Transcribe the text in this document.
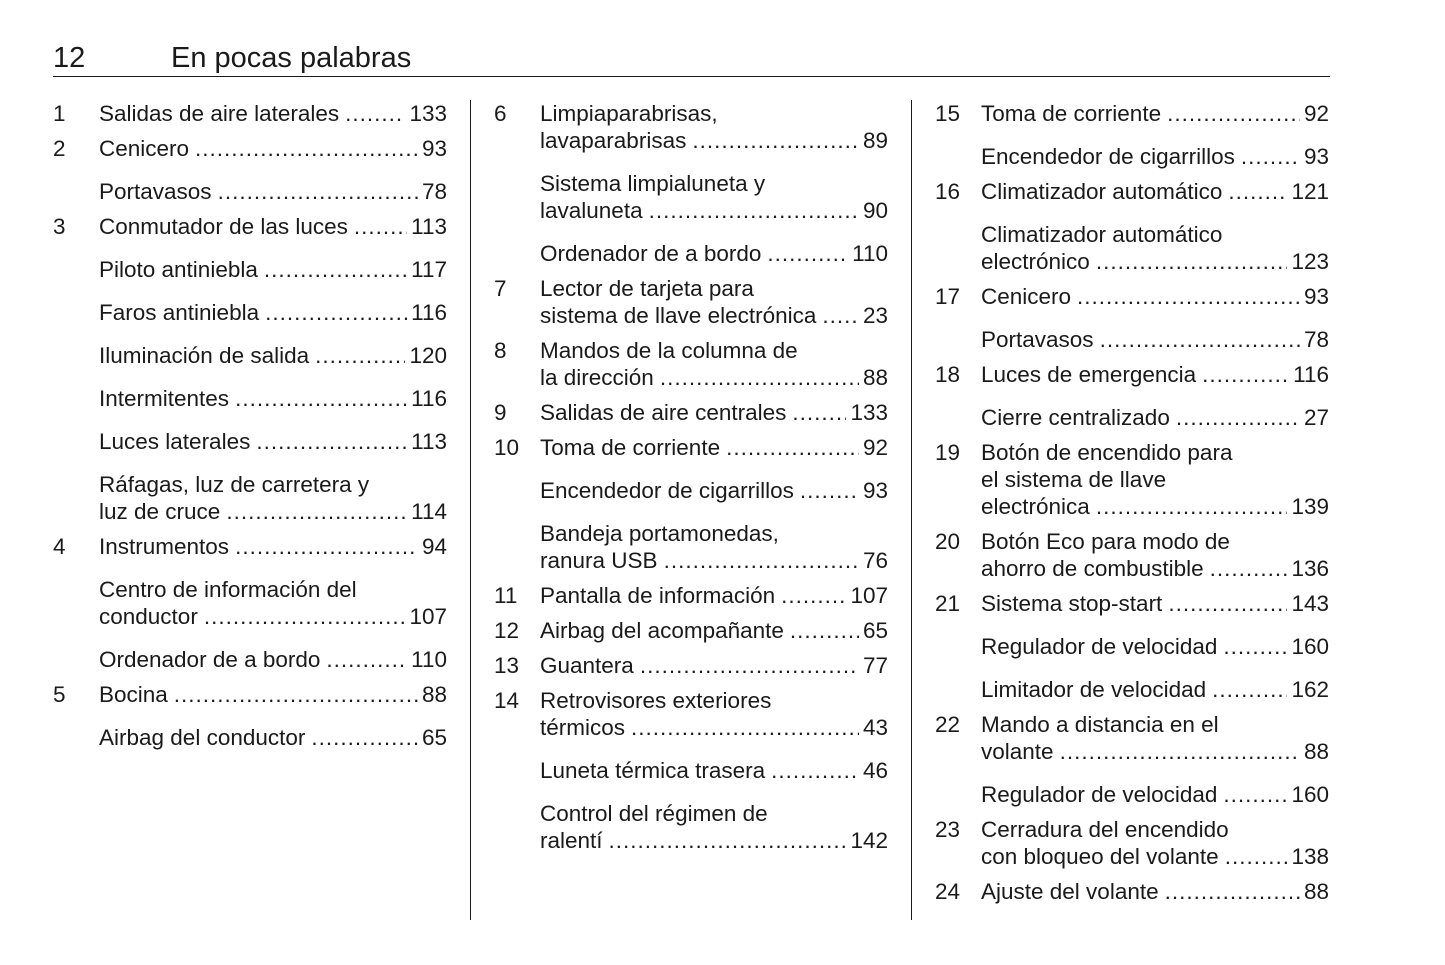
12	En pocas palabras
1	Salidas de aire laterales .....	133
2	Cenicero .....	93
Portavasos .....	78
3	Conmutador de las luces .....	113
Piloto antiniebla .....	117
Faros antiniebla .....	116
Iluminación de salida .....	120
Intermitentes .....	116
Luces laterales .....	113
Ráfagas, luz de carretera y
luz de cruce .....	114
4	Instrumentos .....	94
Centro de información del
conductor .....	107
Ordenador de a bordo .....	110
5	Bocina .....	88
Airbag del conductor .....	65
6	Limpiaparabrisas,
lavaparabrisas .....	89
Sistema limpialuneta y
lavaluneta .....	90
Ordenador de a bordo .....	110
7	Lector de tarjeta para
sistema de llave electrónica ..... 23
8	Mandos de la columna de
la dirección .....	88
9	Salidas de aire centrales .....	133
10 Toma de corriente .....	92
Encendedor de cigarrillos .....	93
Bandeja portamonedas,
ranura USB .....	76
11	Pantalla de información .....	107
12 Airbag del acompañante .....	65
13 Guantera .....	77
14 Retrovisores exteriores
térmicos .....	43
Luneta térmica trasera .....	46
Control del régimen de
ralentí .....	142
15 Toma de corriente .....	92
Encendedor de cigarrillos .....	93
16 Climatizador automático .....	121
Climatizador automático
electrónico .....	123
17 Cenicero .....	93
Portavasos .....	78
18 Luces de emergencia .....	116
Cierre centralizado .....	27
19 Botón de encendido para
el sistema de llave
electrónica .....	139
20 Botón Eco para modo de
ahorro de combustible .....	136
21 Sistema stop-start .....	143
Regulador de velocidad .....	160
Limitador de velocidad .....	162
22 Mando a distancia en el
volante .....	88
Regulador de velocidad .....	160
23 Cerradura del encendido
con bloqueo del volante .....	138
24 Ajuste del volante .....	88
